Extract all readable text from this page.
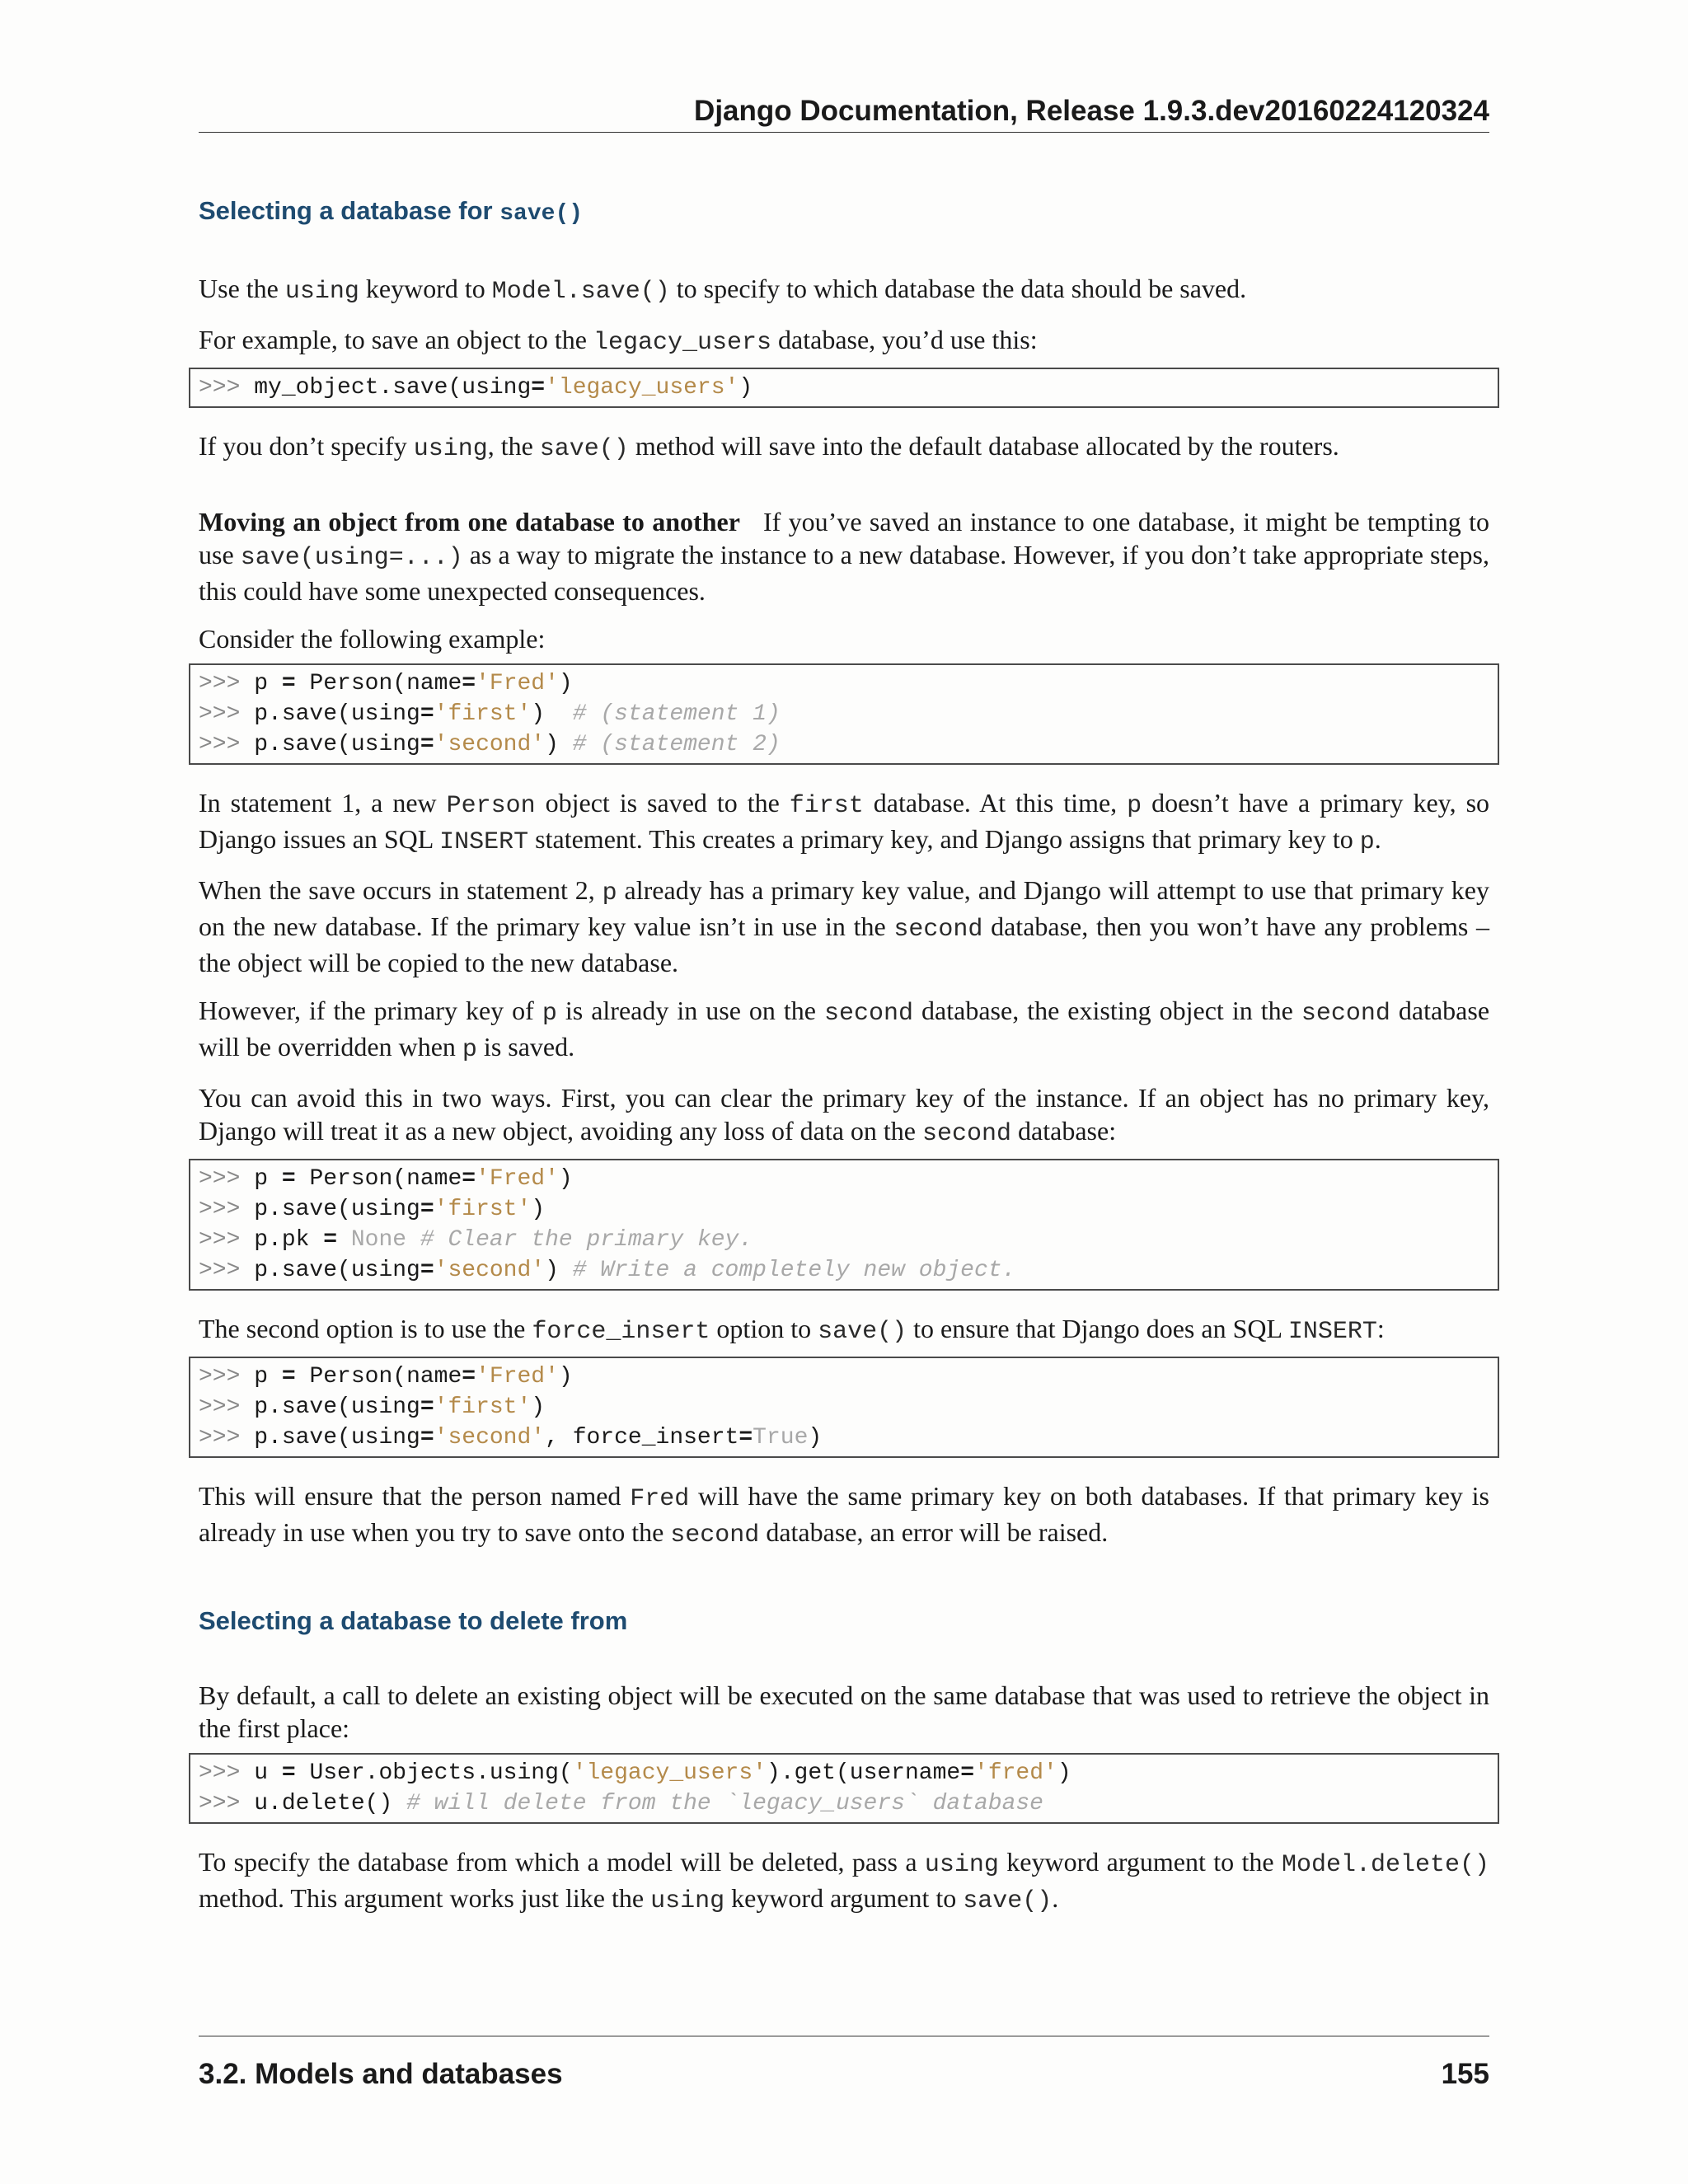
Django Documentation, Release 1.9.3.dev20160224120324
Selecting a database for save()

Use the using keyword to Model.save() to specify to which database the data should be saved.

For example, to save an object to the legacy_users database, you’d use this:

>>> my_object.save(using='legacy_users')

If you don’t specify using, the save() method will save into the default database allocated by the routers.

Moving an object from one database to another If you’ve saved an instance to one database, it might be tempting to use save(using=...) as a way to migrate the instance to a new database. However, if you don’t take appropriate steps, this could have some unexpected consequences.

Consider the following example:

>>> p = Person(name='Fred')
>>> p.save(using='first')  # (statement 1)
>>> p.save(using='second') # (statement 2)

In statement 1, a new Person object is saved to the first database. At this time, p doesn’t have a primary key, so Django issues an SQL INSERT statement. This creates a primary key, and Django assigns that primary key to p.

When the save occurs in statement 2, p already has a primary key value, and Django will attempt to use that primary key on the new database. If the primary key value isn’t in use in the second database, then you won’t have any problems – the object will be copied to the new database.

However, if the primary key of p is already in use on the second database, the existing object in the second database will be overridden when p is saved.

You can avoid this in two ways. First, you can clear the primary key of the instance. If an object has no primary key, Django will treat it as a new object, avoiding any loss of data on the second database:

>>> p = Person(name='Fred')
>>> p.save(using='first')
>>> p.pk = None # Clear the primary key.
>>> p.save(using='second') # Write a completely new object.

The second option is to use the force_insert option to save() to ensure that Django does an SQL INSERT:

>>> p = Person(name='Fred')
>>> p.save(using='first')
>>> p.save(using='second', force_insert=True)

This will ensure that the person named Fred will have the same primary key on both databases. If that primary key is already in use when you try to save onto the second database, an error will be raised.

Selecting a database to delete from

By default, a call to delete an existing object will be executed on the same database that was used to retrieve the object in the first place:

>>> u = User.objects.using('legacy_users').get(username='fred')
>>> u.delete() # will delete from the `legacy_users` database

To specify the database from which a model will be deleted, pass a using keyword argument to the Model.delete() method. This argument works just like the using keyword argument to save().

3.2. Models and databases	155
